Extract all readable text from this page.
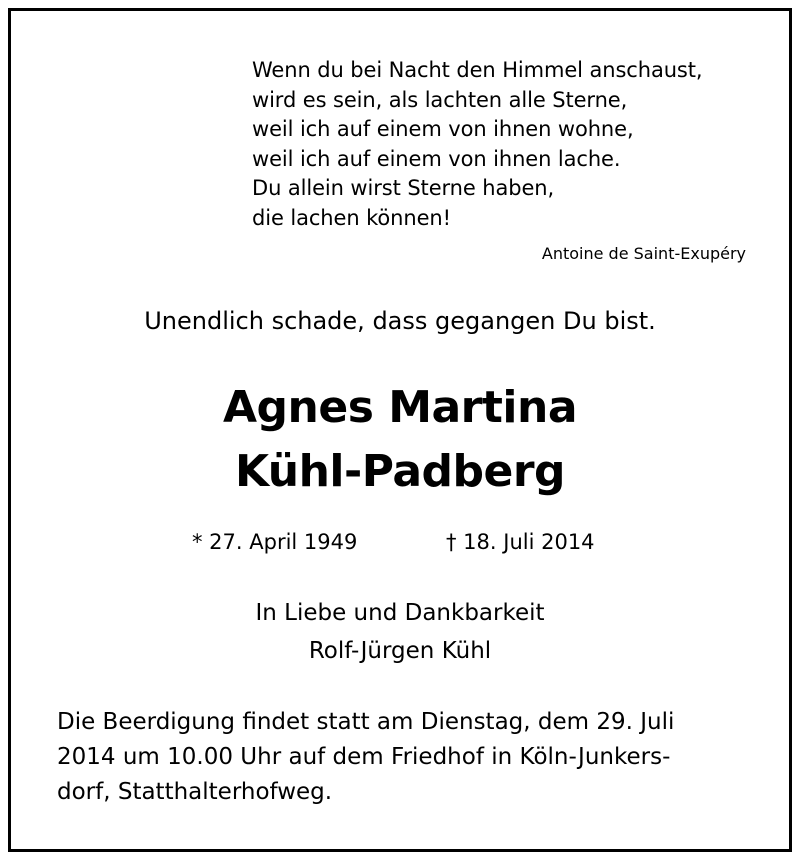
Wenn du bei Nacht den Himmel anschaust,
wird es sein, als lachten alle Sterne,
weil ich auf einem von ihnen wohne,
weil ich auf einem von ihnen lache.
Du allein wirst Sterne haben,
die lachen können!
Antoine de Saint-Exupéry
Unendlich schade, dass gegangen Du bist.
Agnes Martina
Kühl-Padberg
* 27. April 1949	† 18. Juli 2014
In Liebe und Dankbarkeit
Rolf-Jürgen Kühl
Die Beerdigung findet statt am Dienstag, dem 29. Juli
2014 um 10.00 Uhr auf dem Friedhof in Köln-Junkers-
dorf, Statthalterhofweg.
